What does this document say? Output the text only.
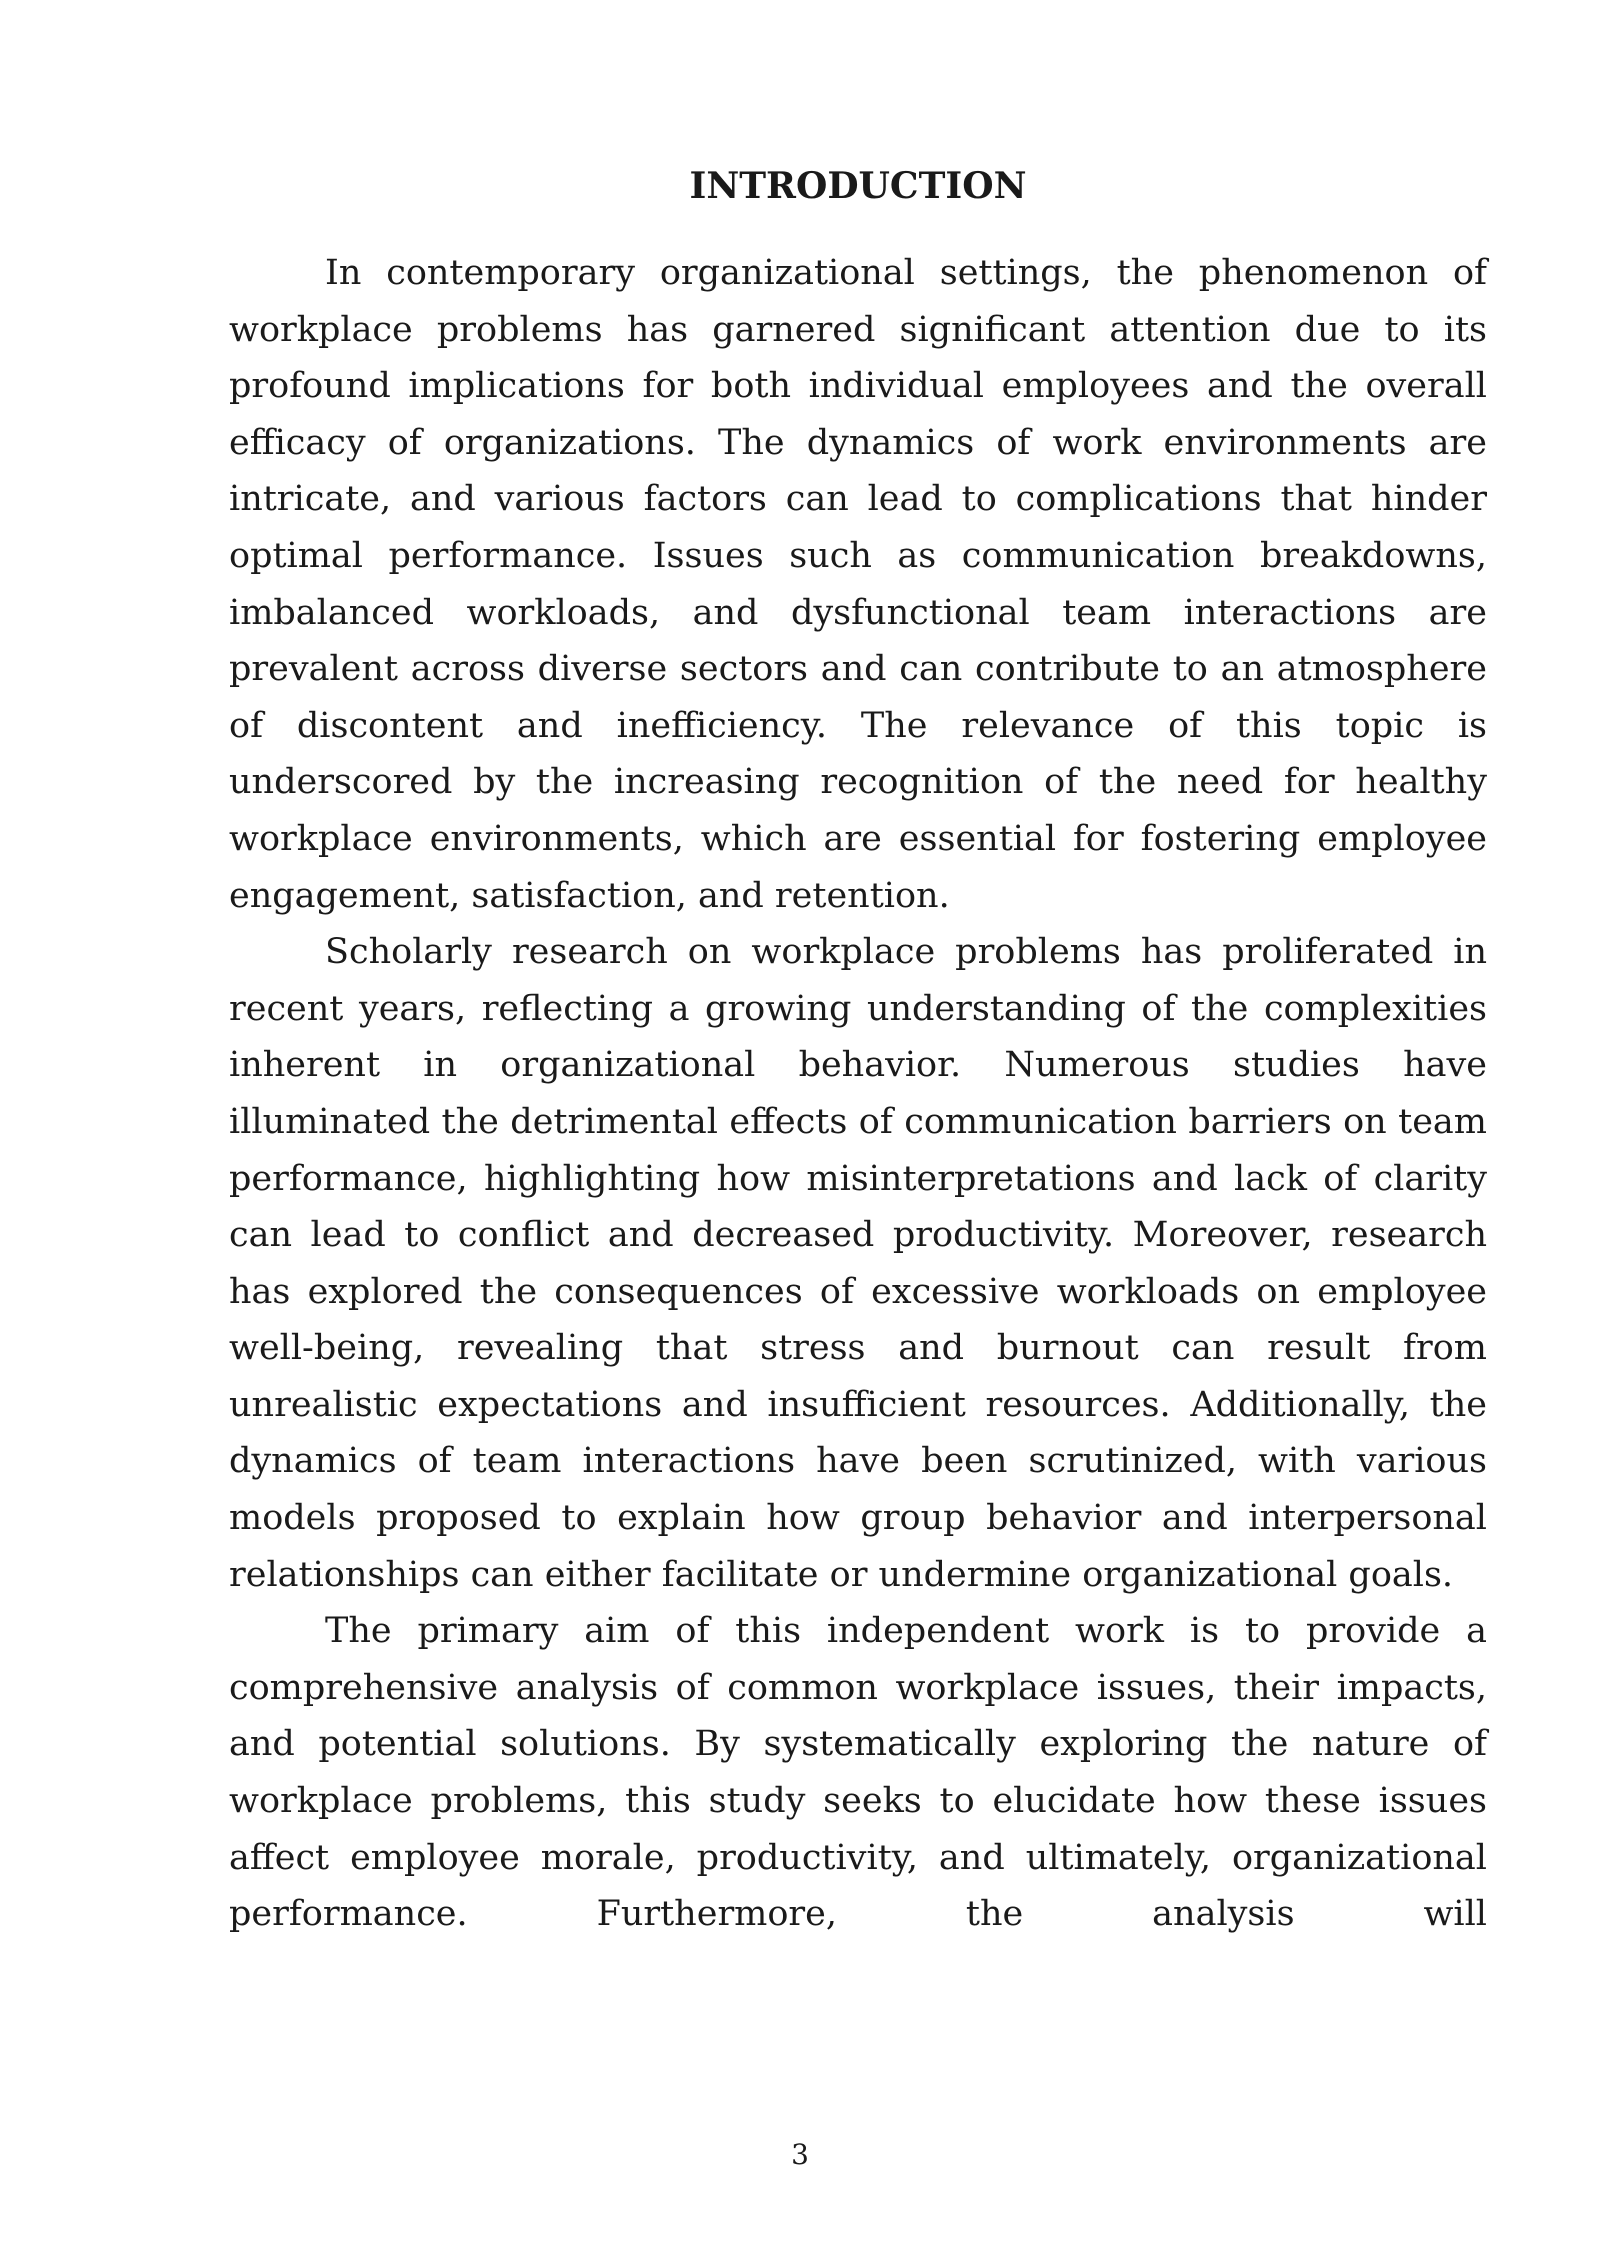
INTRODUCTION

In contemporary organizational settings, the phenomenon of workplace problems has garnered significant attention due to its profound implications for both individual employees and the overall efficacy of organizations. The dynamics of work environments are intricate, and various factors can lead to complications that hinder optimal performance. Issues such as communication breakdowns, imbalanced workloads, and dysfunctional team interactions are prevalent across diverse sectors and can contribute to an atmosphere of discontent and inefficiency. The relevance of this topic is underscored by the increasing recognition of the need for healthy workplace environments, which are essential for fostering employee engagement, satisfaction, and retention.

Scholarly research on workplace problems has proliferated in recent years, reflecting a growing understanding of the complexities inherent in organizational behavior. Numerous studies have illuminated the detrimental effects of communication barriers on team performance, highlighting how misinterpretations and lack of clarity can lead to conflict and decreased productivity. Moreover, research has explored the consequences of excessive workloads on employee well-being, revealing that stress and burnout can result from unrealistic expectations and insufficient resources. Additionally, the dynamics of team interactions have been scrutinized, with various models proposed to explain how group behavior and interpersonal relationships can either facilitate or undermine organizational goals.

The primary aim of this independent work is to provide a comprehensive analysis of common workplace issues, their impacts, and potential solutions. By systematically exploring the nature of workplace problems, this study seeks to elucidate how these issues affect employee morale, productivity, and ultimately, organizational performance. Furthermore, the analysis will

3
